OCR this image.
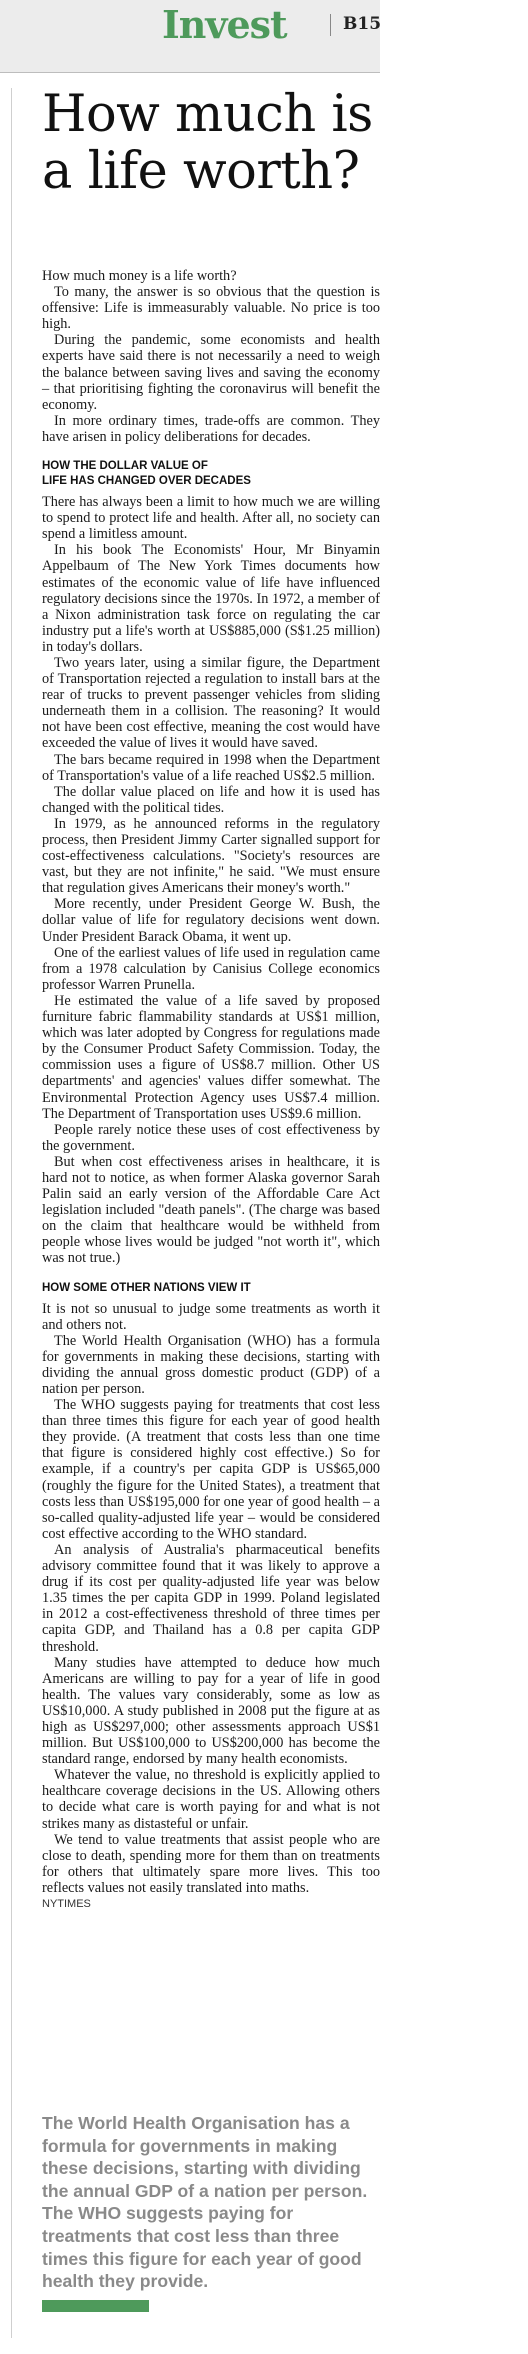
Invest	B15
How much is
a life worth?

How much money is a life worth?

To many, the answer is so obvious that the question is offensive: Life is immeasurably valuable. No price is too high.

During the pandemic, some economists and health experts have said there is not necessarily a need to weigh the balance between saving lives and saving the economy – that prioritising fighting the coronavirus will benefit the economy.

In more ordinary times, trade-offs are common. They have arisen in policy deliberations for decades.

HOW THE DOLLAR VALUE OF
LIFE HAS CHANGED OVER DECADES

There has always been a limit to how much we are willing to spend to protect life and health. After all, no society can spend a limitless amount.

In his book The Economists' Hour, Mr Binyamin Appelbaum of The New York Times documents how estimates of the economic value of life have influenced regulatory decisions since the 1970s. In 1972, a member of a Nixon administration task force on regulating the car industry put a life's worth at US$885,000 (S$1.25 million) in today's dollars.

Two years later, using a similar figure, the Department of Transportation rejected a regulation to install bars at the rear of trucks to prevent passenger vehicles from sliding underneath them in a collision. The reasoning? It would not have been cost effective, meaning the cost would have exceeded the value of lives it would have saved.

The bars became required in 1998 when the Department of Transportation's value of a life reached US$2.5 million.

The dollar value placed on life and how it is used has changed with the political tides.

In 1979, as he announced reforms in the regulatory process, then President Jimmy Carter signalled support for cost-effectiveness calculations. "Society's resources are vast, but they are not infinite," he said. "We must ensure that regulation gives Americans their money's worth."

More recently, under President George W. Bush, the dollar value of life for regulatory decisions went down. Under President Barack Obama, it went up.

One of the earliest values of life used in regulation came from a 1978 calculation by Canisius College economics professor Warren Prunella.

He estimated the value of a life saved by proposed furniture fabric flammability standards at US$1 million, which was later adopted by Congress for regulations made by the Consumer Product Safety Commission. Today, the commission uses a figure of US$8.7 million. Other US departments' and agencies' values differ somewhat. The Environmental Protection Agency uses US$7.4 million. The Department of Transportation uses US$9.6 million.

People rarely notice these uses of cost effectiveness by the government.

But when cost effectiveness arises in healthcare, it is hard not to notice, as when former Alaska governor Sarah Palin said an early version of the Affordable Care Act legislation included "death panels". (The charge was based on the claim that healthcare would be withheld from people whose lives would be judged "not worth it", which was not true.)

HOW SOME OTHER NATIONS VIEW IT

It is not so unusual to judge some treatments as worth it and others not.

The World Health Organisation (WHO) has a formula for governments in making these decisions, starting with dividing the annual gross domestic product (GDP) of a nation per person.

The WHO suggests paying for treatments that cost less than three times this figure for each year of good health they provide. (A treatment that costs less than one time that figure is considered highly cost effective.) So for example, if a country's per capita GDP is US$65,000 (roughly the figure for the United States), a treatment that costs less than US$195,000 for one year of good health – a so-called quality-adjusted life year – would be considered cost effective according to the WHO standard.

An analysis of Australia's pharmaceutical benefits advisory committee found that it was likely to approve a drug if its cost per quality-adjusted life year was below 1.35 times the per capita GDP in 1999. Poland legislated in 2012 a cost-effectiveness threshold of three times per capita GDP, and Thailand has a 0.8 per capita GDP threshold.

Many studies have attempted to deduce how much Americans are willing to pay for a year of life in good health. The values vary considerably, some as low as US$10,000. A study published in 2008 put the figure at as high as US$297,000; other assessments approach US$1 million. But US$100,000 to US$200,000 has become the standard range, endorsed by many health economists.

Whatever the value, no threshold is explicitly applied to healthcare coverage decisions in the US. Allowing others to decide what care is worth paying for and what is not strikes many as distasteful or unfair.

We tend to value treatments that assist people who are close to death, spending more for them than on treatments for others that ultimately spare more lives. This too reflects values not easily translated into maths.

NYTIMES
The World Health Organisation has a formula for governments in making these decisions, starting with dividing the annual GDP of a nation per person. The WHO suggests paying for treatments that cost less than three times this figure for each year of good health they provide.
